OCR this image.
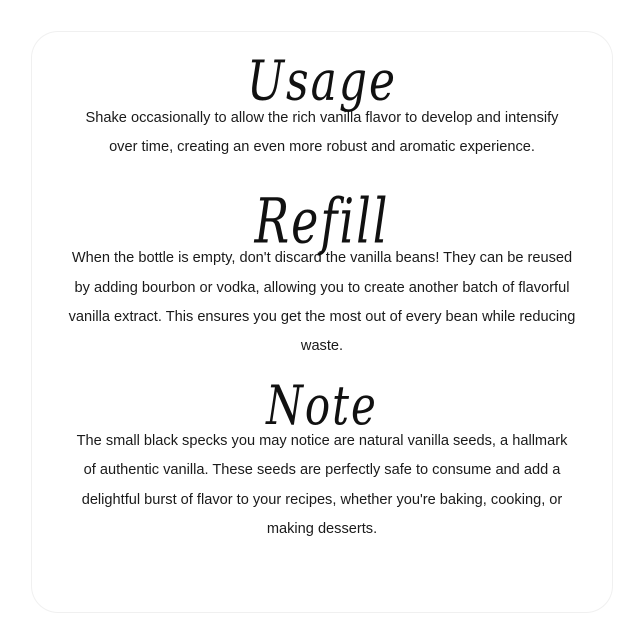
Usage
Shake occasionally to allow the rich vanilla flavor to develop and intensify over time, creating an even more robust and aromatic experience.
Refill
When the bottle is empty, don't discard the vanilla beans! They can be reused by adding bourbon or vodka, allowing you to create another batch of flavorful vanilla extract. This ensures you get the most out of every bean while reducing waste.
Note
The small black specks you may notice are natural vanilla seeds, a hallmark of authentic vanilla. These seeds are perfectly safe to consume and add a delightful burst of flavor to your recipes, whether you're baking, cooking, or making desserts.
